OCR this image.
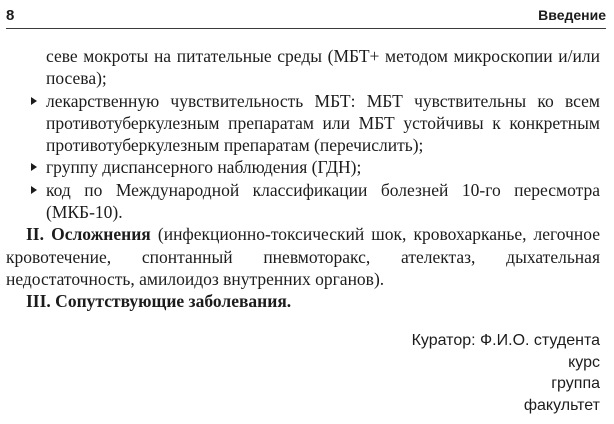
8	Введение
севе мокроты на питательные среды (МБТ+ методом микроскопии и/или посева);
лекарственную чувствительность МБТ: МБТ чувствительны ко всем противотуберкулезным препаратам или МБТ устойчивы к конкретным противотуберкулезным препаратам (перечислить);
группу диспансерного наблюдения (ГДН);
код по Международной классификации болезней 10-го пересмотра (МКБ-10).
II. Осложнения (инфекционно-токсический шок, кровохарканье, легочное кровотечение, спонтанный пневмоторакс, ателектаз, дыхательная недостаточность, амилоидоз внутренних органов).
III. Сопутствующие заболевания.
Куратор: Ф.И.О. студента
курс
группа
факультет
